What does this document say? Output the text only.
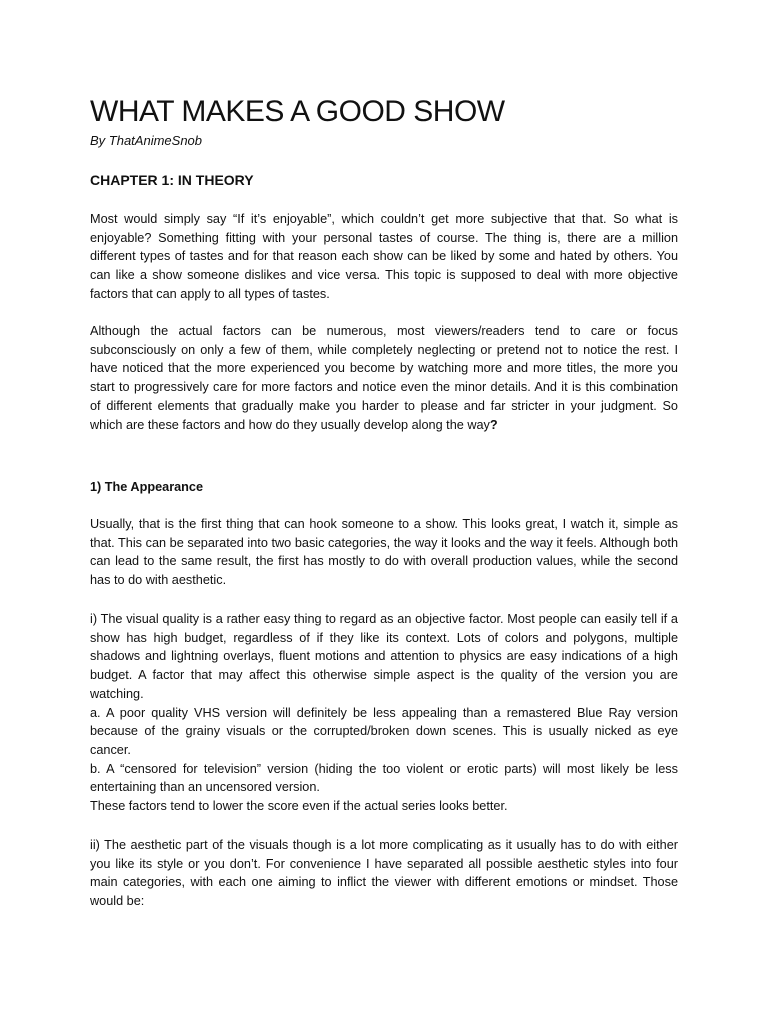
WHAT MAKES A GOOD SHOW

By ThatAnimeSnob

CHAPTER 1: IN THEORY

Most would simply say “If it’s enjoyable”, which couldn’t get more subjective that that. So what is enjoyable? Something fitting with your personal tastes of course. The thing is, there are a million different types of tastes and for that reason each show can be liked by some and hated by others. You can like a show someone dislikes and vice versa. This topic is supposed to deal with more objective factors that can apply to all types of tastes.

Although the actual factors can be numerous, most viewers/readers tend to care or focus subconsciously on only a few of them, while completely neglecting or pretend not to notice the rest. I have noticed that the more experienced you become by watching more and more titles, the more you start to progressively care for more factors and notice even the minor details. And it is this combination of different elements that gradually make you harder to please and far stricter in your judgment. So which are these factors and how do they usually develop along the way?

1) The Appearance

Usually, that is the first thing that can hook someone to a show. This looks great, I watch it, simple as that. This can be separated into two basic categories, the way it looks and the way it feels. Although both can lead to the same result, the first has mostly to do with overall production values, while the second has to do with aesthetic.

i) The visual quality is a rather easy thing to regard as an objective factor. Most people can easily tell if a show has high budget, regardless of if they like its context. Lots of colors and polygons, multiple shadows and lightning overlays, fluent motions and attention to physics are easy indications of a high budget. A factor that may affect this otherwise simple aspect is the quality of the version you are watching.
a. A poor quality VHS version will definitely be less appealing than a remastered Blue Ray version because of the grainy visuals or the corrupted/broken down scenes. This is usually nicked as eye cancer.
b. A “censored for television” version (hiding the too violent or erotic parts) will most likely be less entertaining than an uncensored version.
These factors tend to lower the score even if the actual series looks better.

ii) The aesthetic part of the visuals though is a lot more complicating as it usually has to do with either you like its style or you don’t. For convenience I have separated all possible aesthetic styles into four main categories, with each one aiming to inflict the viewer with different emotions or mindset. Those would be:
